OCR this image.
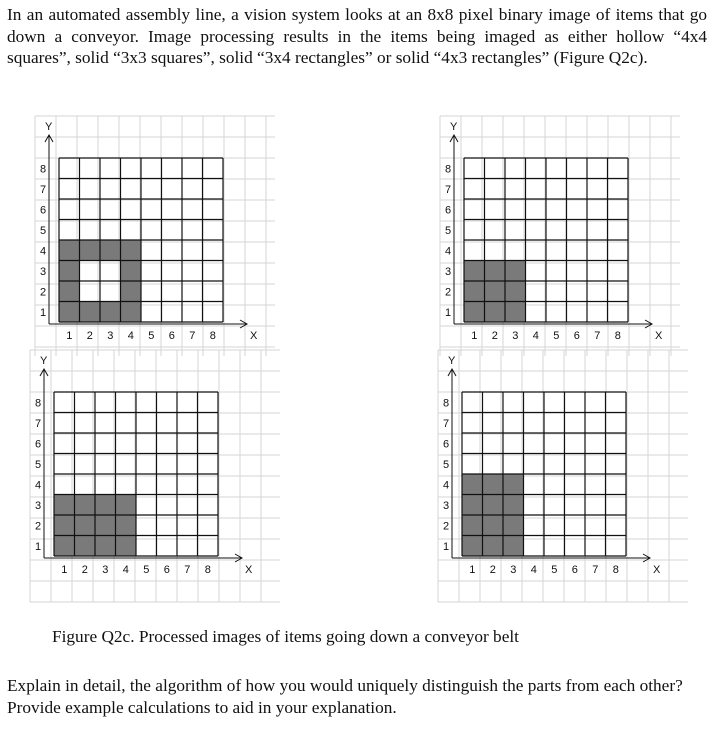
In an automated assembly line, a vision system looks at an 8x8 pixel binary image of items that go down a conveyor. Image processing results in the items being imaged as either hollow “4x4 squares”, solid “3x3 squares”, solid “3x4 rectangles” or solid “4x3 rectangles” (Figure Q2c).

Y
X
1
1
2
2
3
3
4
4
5
5
6
6
7
7
8
8
Y
X
1
1
2
2
3
3
4
4
5
5
6
6
7
7
8
8
Y
X
1
1
2
2
3
3
4
4
5
5
6
6
7
7
8
8
Y
X
1
1
2
2
3
3
4
4
5
5
6
6
7
7
8
8

Figure Q2c. Processed images of items going down a conveyor belt

Explain in detail, the algorithm of how you would uniquely distinguish the parts from each other? Provide example calculations to aid in your explanation.
